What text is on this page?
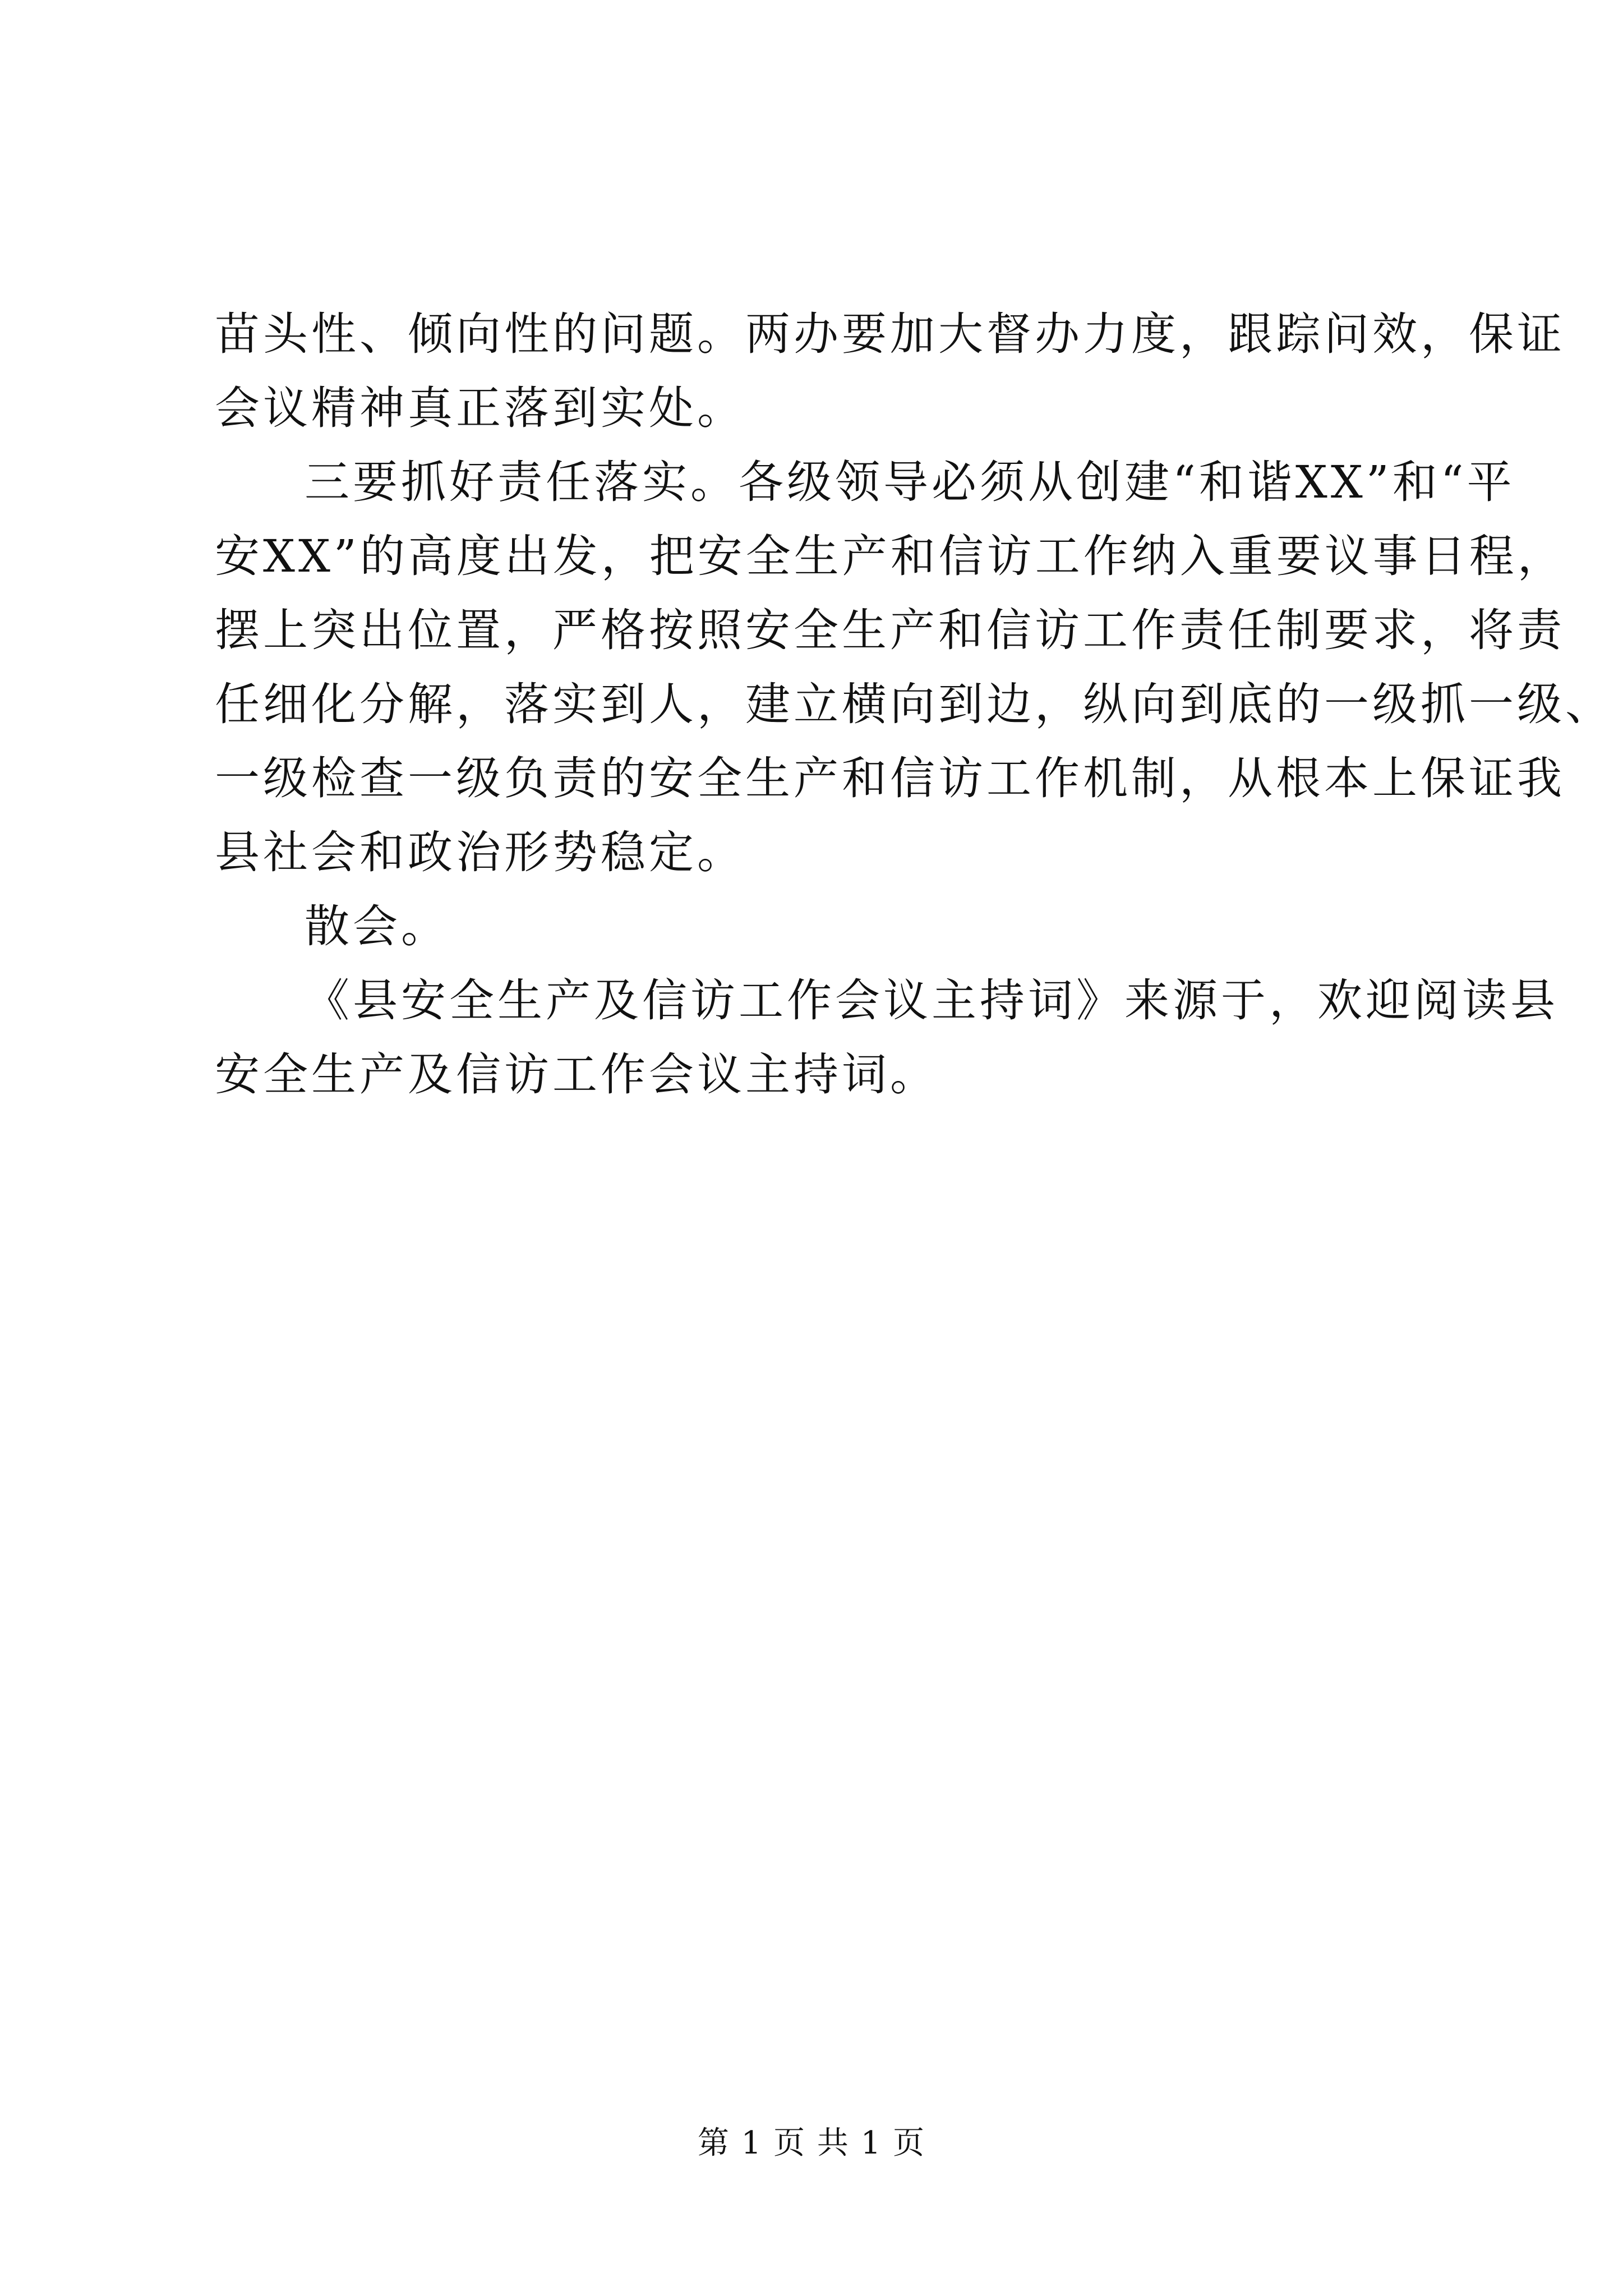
苗头性、倾向性的问题。两办要加大督办力度，跟踪问效，保证
会议精神真正落到实处。
三要抓好责任落实。各级领导必须从创建“和谐XX”和“平
安XX”的高度出发，把安全生产和信访工作纳入重要议事日程，
摆上突出位置，严格按照安全生产和信访工作责任制要求，将责
任细化分解，落实到人，建立横向到边，纵向到底的一级抓一级、
一级检查一级负责的安全生产和信访工作机制，从根本上保证我
县社会和政治形势稳定。
散会。
《县安全生产及信访工作会议主持词》来源于，欢迎阅读县
安全生产及信访工作会议主持词。
第 1 页 共 1 页
